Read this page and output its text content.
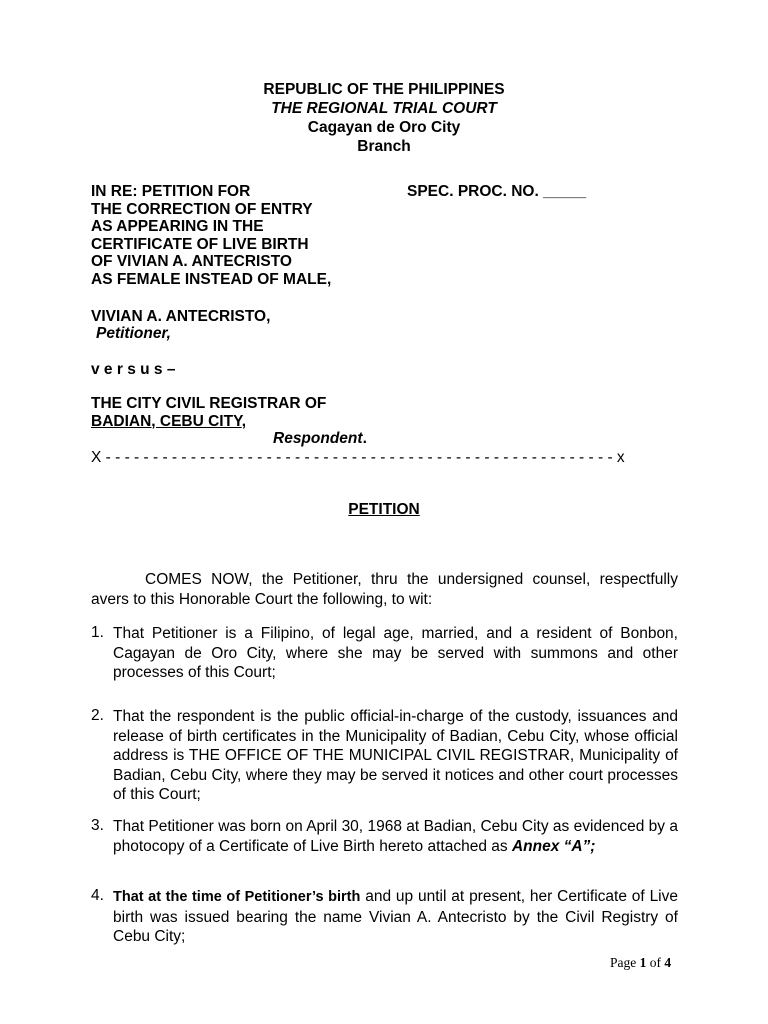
REPUBLIC OF THE PHILIPPINES
THE REGIONAL TRIAL COURT
Cagayan de Oro City
Branch
IN RE: PETITION FOR
THE CORRECTION OF ENTRY
AS APPEARING IN THE
CERTIFICATE OF LIVE BIRTH
OF VIVIAN A. ANTECRISTO
AS FEMALE INSTEAD OF MALE,
SPEC. PROC. NO. _____
VIVIAN A. ANTECRISTO,
Petitioner,
v e r s u s –
THE CITY CIVIL REGISTRAR OF
BADIAN, CEBU CITY,
Respondent.
X - - - - - - - - - - - - - - - - - - - - - - - - - - - - - - - - - - - - - - - - - - - - - - - - - - - - - - x
PETITION
COMES NOW, the Petitioner, thru the undersigned counsel, respectfully avers to this Honorable Court the following, to wit:
1. That Petitioner is a Filipino, of legal age, married, and a resident of Bonbon, Cagayan de Oro City, where she may be served with summons and other processes of this Court;
2. That the respondent is the public official-in-charge of the custody, issuances and release of birth certificates in the Municipality of Badian, Cebu City, whose official address is THE OFFICE OF THE MUNICIPAL CIVIL REGISTRAR, Municipality of Badian, Cebu City, where they may be served it notices and other court processes of this Court;
3. That Petitioner was born on April 30, 1968 at Badian, Cebu City as evidenced by a photocopy of a Certificate of Live Birth hereto attached as Annex “A”;
4. That at the time of Petitioner’s birth and up until at present, her Certificate of Live birth was issued bearing the name Vivian A. Antecristo by the Civil Registry of Cebu City;
Page 1 of 4
